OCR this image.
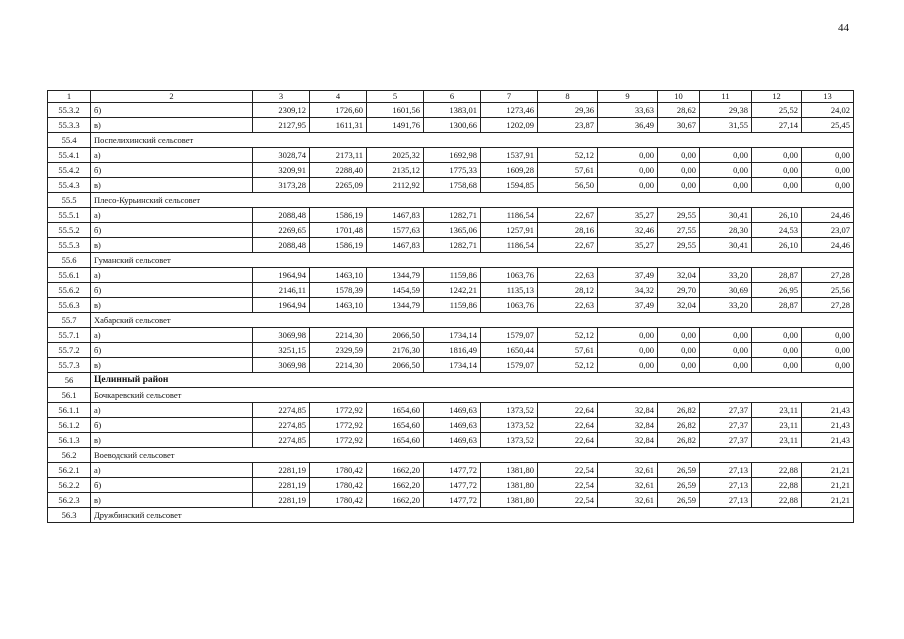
44
1	2	3	4	5	6	7	8	9	10	11	12	13
55.3.2	б)	2309,12	1726,60	1601,56	1383,01	1273,46	29,36	33,63	28,62	29,38	25,52	24,02
55.3.3	в)	2127,95	1611,31	1491,76	1300,66	1202,09	23,87	36,49	30,67	31,55	27,14	25,45
55.4	Поспелихинский сельсовет											
55.4.1	а)	3028,74	2173,11	2025,32	1692,98	1537,91	52,12	0,00	0,00	0,00	0,00	0,00
55.4.2	б)	3209,91	2288,40	2135,12	1775,33	1609,28	57,61	0,00	0,00	0,00	0,00	0,00
55.4.3	в)	3173,28	2265,09	2112,92	1758,68	1594,85	56,50	0,00	0,00	0,00	0,00	0,00
55.5	Плесо-Курьинский сельсовет											
55.5.1	а)	2088,48	1586,19	1467,83	1282,71	1186,54	22,67	35,27	29,55	30,41	26,10	24,46
55.5.2	б)	2269,65	1701,48	1577,63	1365,06	1257,91	28,16	32,46	27,55	28,30	24,53	23,07
55.5.3	в)	2088,48	1586,19	1467,83	1282,71	1186,54	22,67	35,27	29,55	30,41	26,10	24,46
55.6	Гуманский сельсовет											
55.6.1	а)	1964,94	1463,10	1344,79	1159,86	1063,76	22,63	37,49	32,04	33,20	28,87	27,28
55.6.2	б)	2146,11	1578,39	1454,59	1242,21	1135,13	28,12	34,32	29,70	30,69	26,95	25,56
55.6.3	в)	1964,94	1463,10	1344,79	1159,86	1063,76	22,63	37,49	32,04	33,20	28,87	27,28
55.7	Хабарский сельсовет											
55.7.1	а)	3069,98	2214,30	2066,50	1734,14	1579,07	52,12	0,00	0,00	0,00	0,00	0,00
55.7.2	б)	3251,15	2329,59	2176,30	1816,49	1650,44	57,61	0,00	0,00	0,00	0,00	0,00
55.7.3	в)	3069,98	2214,30	2066,50	1734,14	1579,07	52,12	0,00	0,00	0,00	0,00	0,00
56	Целинный район											
56.1	Бочкаревский сельсовет											
56.1.1	а)	2274,85	1772,92	1654,60	1469,63	1373,52	22,64	32,84	26,82	27,37	23,11	21,43
56.1.2	б)	2274,85	1772,92	1654,60	1469,63	1373,52	22,64	32,84	26,82	27,37	23,11	21,43
56.1.3	в)	2274,85	1772,92	1654,60	1469,63	1373,52	22,64	32,84	26,82	27,37	23,11	21,43
56.2	Воеводский сельсовет											
56.2.1	а)	2281,19	1780,42	1662,20	1477,72	1381,80	22,54	32,61	26,59	27,13	22,88	21,21
56.2.2	б)	2281,19	1780,42	1662,20	1477,72	1381,80	22,54	32,61	26,59	27,13	22,88	21,21
56.2.3	в)	2281,19	1780,42	1662,20	1477,72	1381,80	22,54	32,61	26,59	27,13	22,88	21,21
56.3	Дружбинский сельсовет											
